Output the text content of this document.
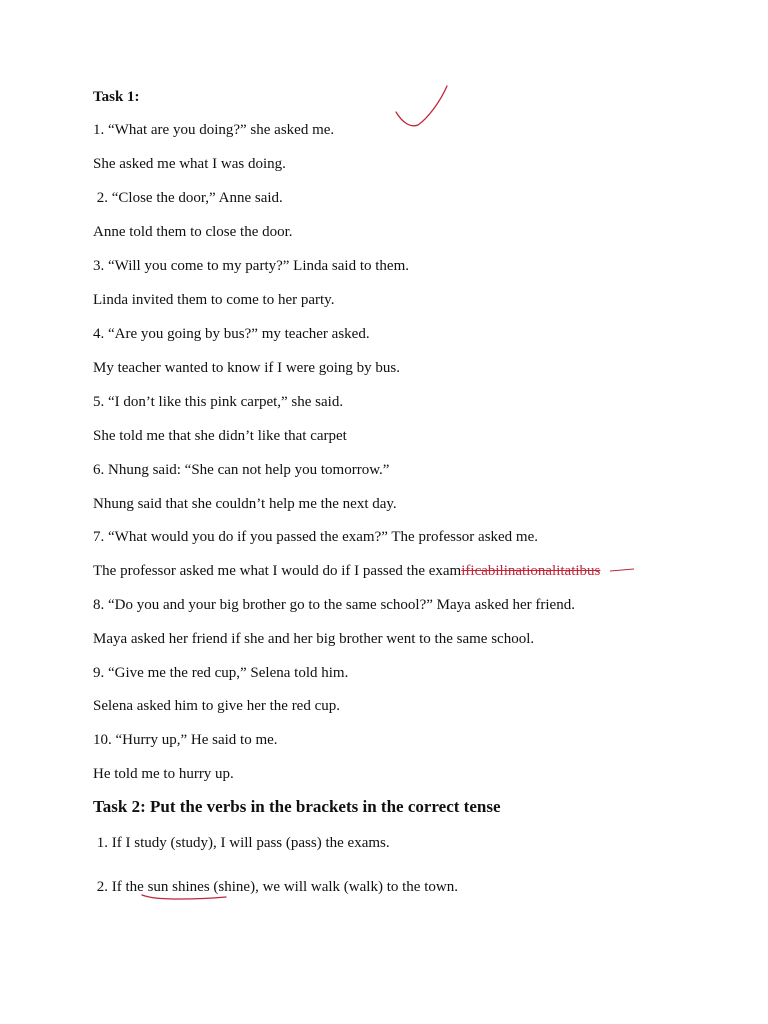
Task 1:
1. “What are you doing?” she asked me.
She asked me what I was doing.
2. “Close the door,” Anne said.
Anne told them to close the door.
3. “Will you come to my party?” Linda said to them.
Linda invited them to come to her party.
4. “Are you going by bus?” my teacher asked.
My teacher wanted to know if I were going by bus.
5. “I don’t like this pink carpet,” she said.
She told me that she didn’t like that carpet
6. Nhung said: “She can not help you tomorrow.”
Nhung said that she couldn’t help me the next day.
7. “What would you do if you passed the exam?” The professor asked me.
The professor asked me what I would do if I passed the examificabilinationalitatibus
8. “Do you and your big brother go to the same school?” Maya asked her friend.
Maya asked her friend if she and her big brother went to the same school.
9. “Give me the red cup,” Selena told him.
Selena asked him to give her the red cup.
10. “Hurry up,” He said to me.
He told me to hurry up.
Task 2: Put the verbs in the brackets in the correct tense
1. If I study (study), I will pass (pass) the exams.
2. If the sun shines (shine), we will walk (walk) to the town.
